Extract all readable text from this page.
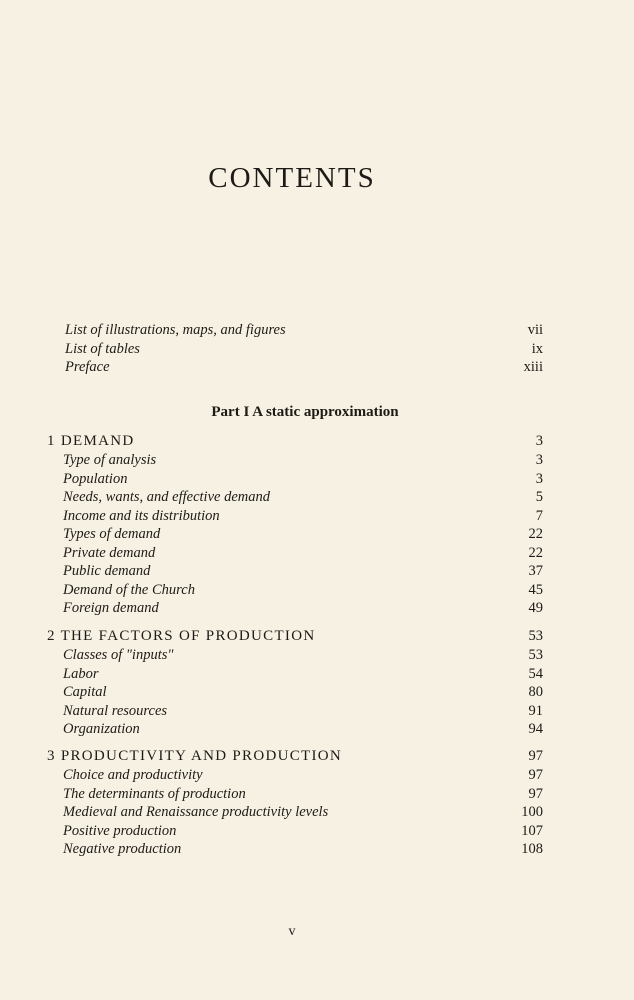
CONTENTS
List of illustrations, maps, and figures	vii
List of tables	ix
Preface	xiii
Part I A static approximation
1 DEMAND	3
Type of analysis	3
Population	3
Needs, wants, and effective demand	5
Income and its distribution	7
Types of demand	22
Private demand	22
Public demand	37
Demand of the Church	45
Foreign demand	49
2 THE FACTORS OF PRODUCTION	53
Classes of "inputs"	53
Labor	54
Capital	80
Natural resources	91
Organization	94
3 PRODUCTIVITY AND PRODUCTION	97
Choice and productivity	97
The determinants of production	97
Medieval and Renaissance productivity levels	100
Positive production	107
Negative production	108
v
